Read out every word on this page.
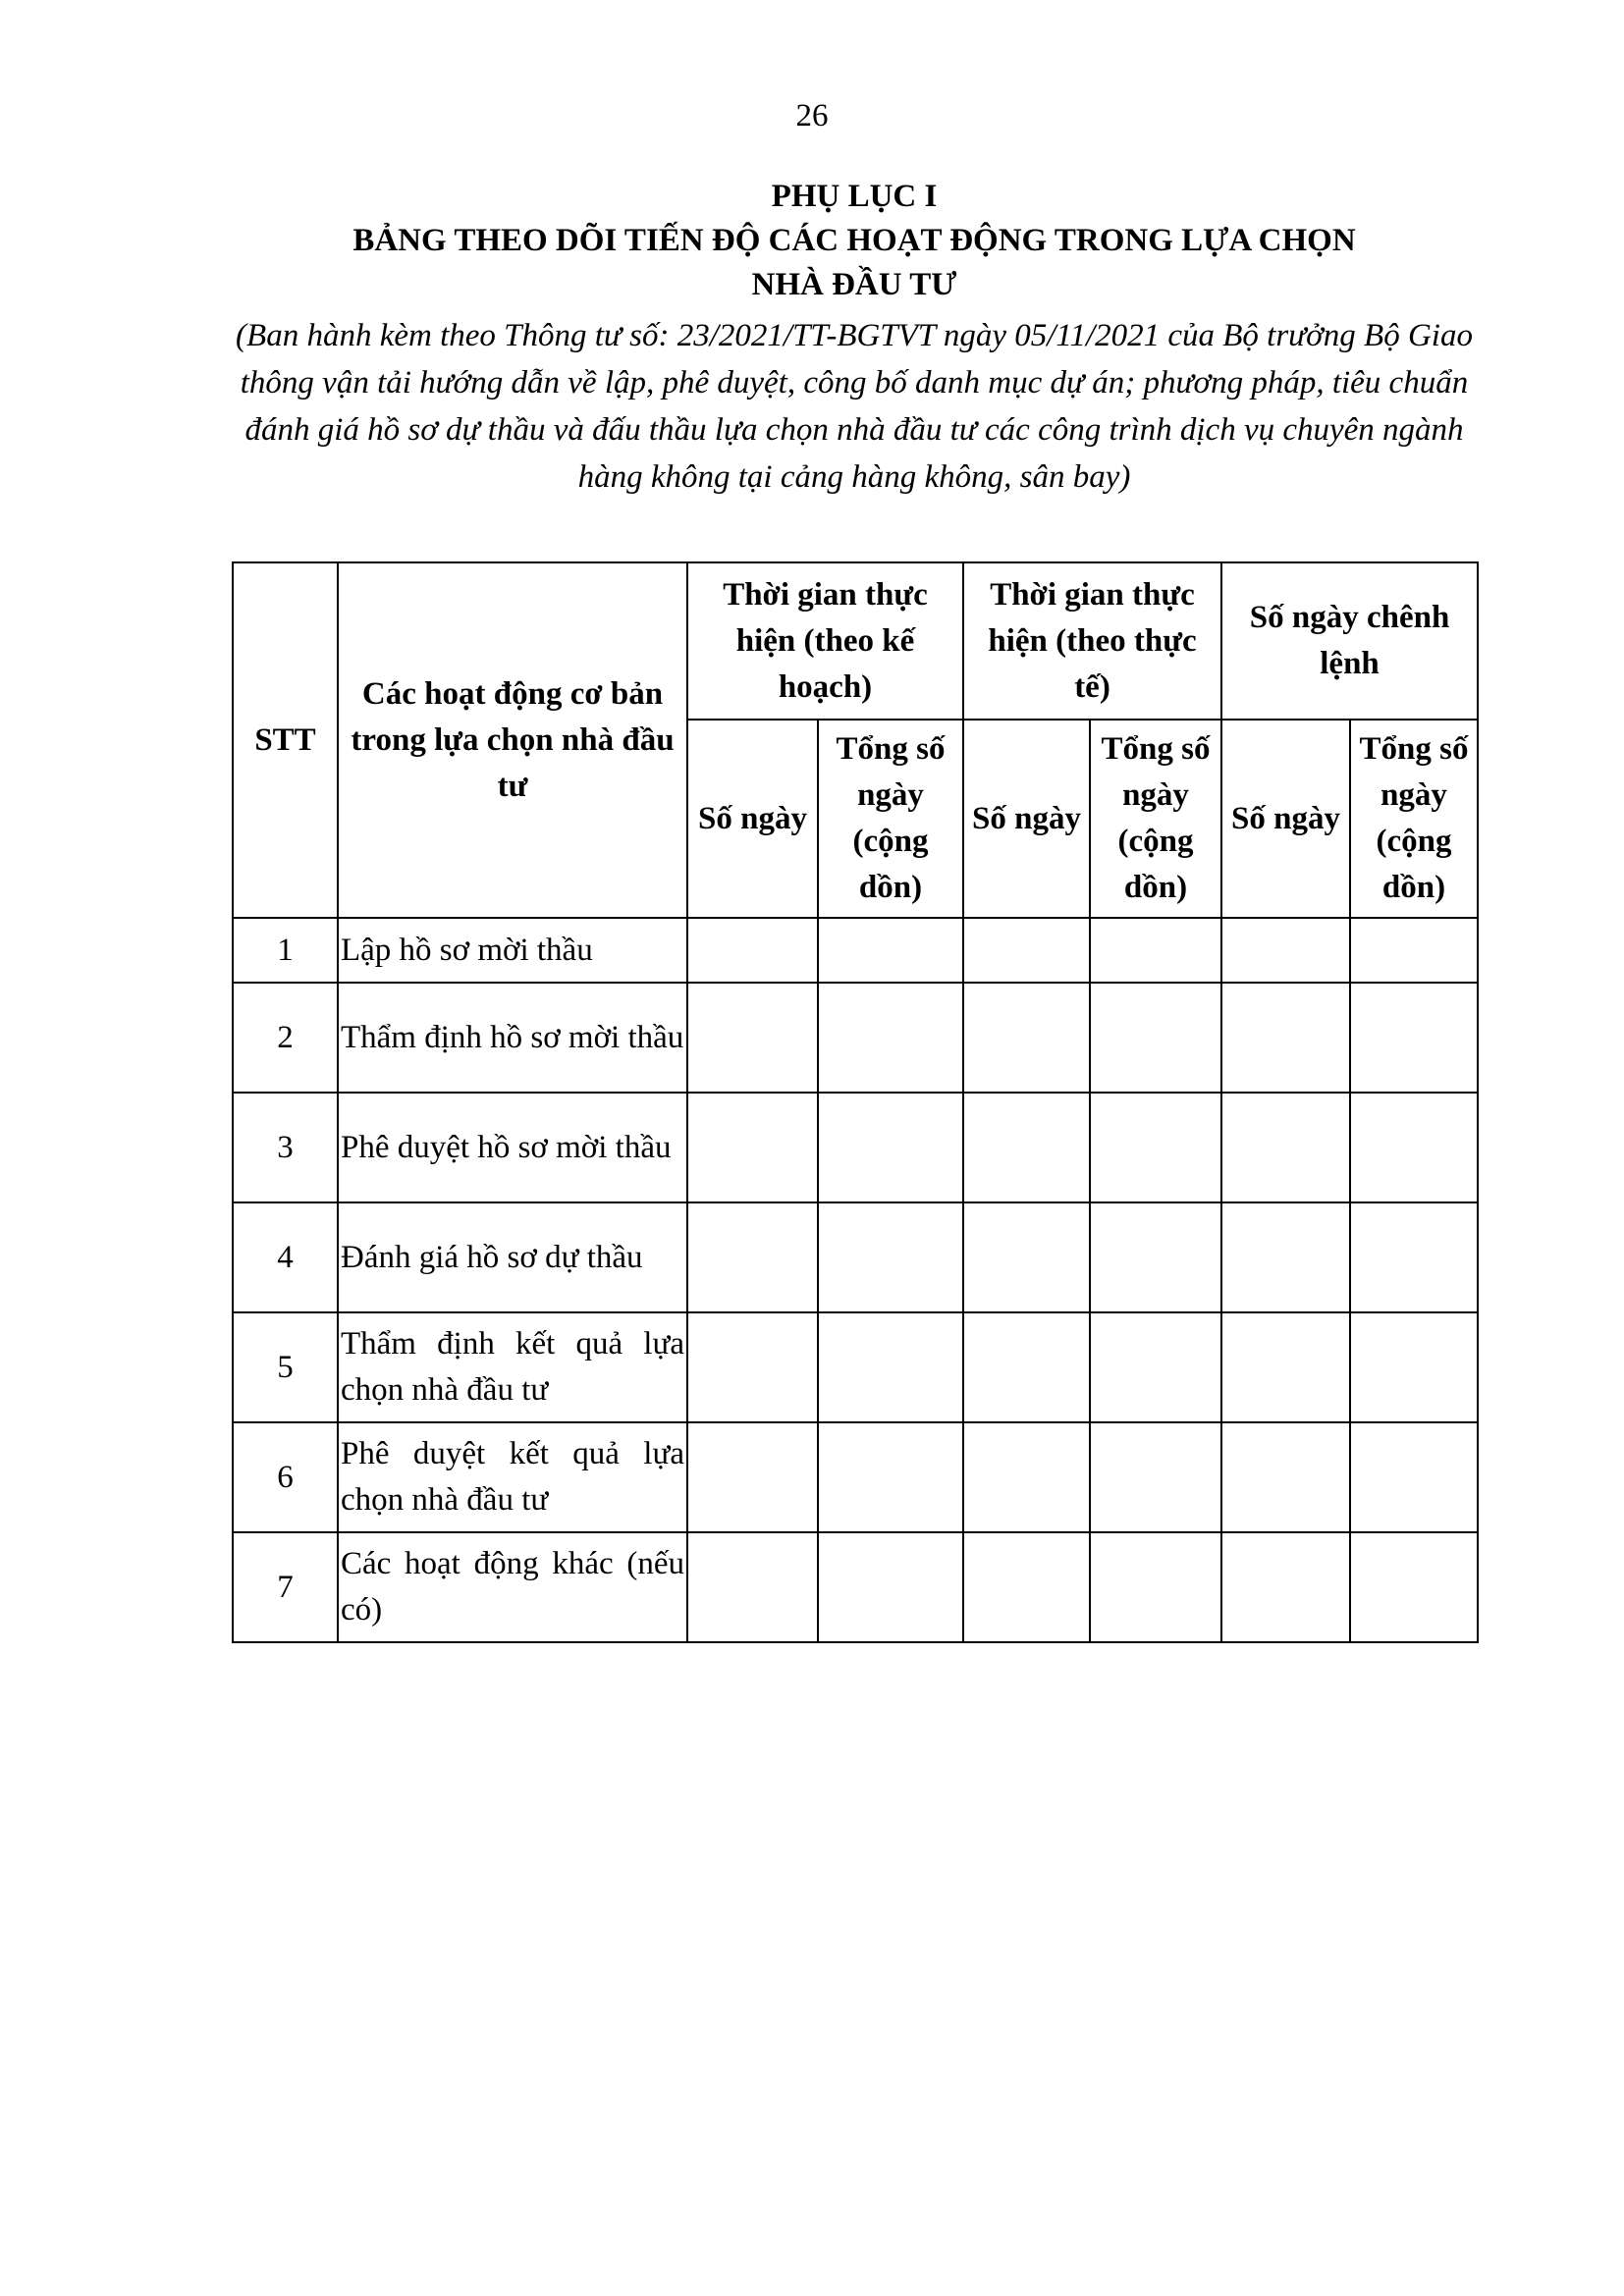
26
PHỤ LỤC I
BẢNG THEO DÕI TIẾN ĐỘ CÁC HOẠT ĐỘNG TRONG LỰA CHỌN
NHÀ ĐẦU TƯ
(Ban hành kèm theo Thông tư số: 23/2021/TT-BGTVT ngày 05/11/2021 của Bộ trưởng Bộ Giao thông vận tải hướng dẫn về lập, phê duyệt, công bố danh mục dự án; phương pháp, tiêu chuẩn đánh giá hồ sơ dự thầu và đấu thầu lựa chọn nhà đầu tư các công trình dịch vụ chuyên ngành hàng không tại cảng hàng không, sân bay)
STT	Các hoạt động cơ bản trong lựa chọn nhà đầu tư	Thời gian thực hiện (theo kế hoạch)		Thời gian thực hiện (theo thực tế)		Số ngày chênh lệnh	
		Số ngày	Tổng số ngày (cộng dồn)	Số ngày	Tổng số ngày (cộng dồn)	Số ngày	Tổng số ngày (cộng dồn)
1	Lập hồ sơ mời thầu						
2	Thẩm định hồ sơ mời thầu						
3	Phê duyệt hồ sơ mời thầu						
4	Đánh giá hồ sơ dự thầu						
5	Thẩm định kết quả lựa chọn nhà đầu tư						
6	Phê duyệt kết quả lựa chọn nhà đầu tư						
7	Các hoạt động khác (nếu có)						
